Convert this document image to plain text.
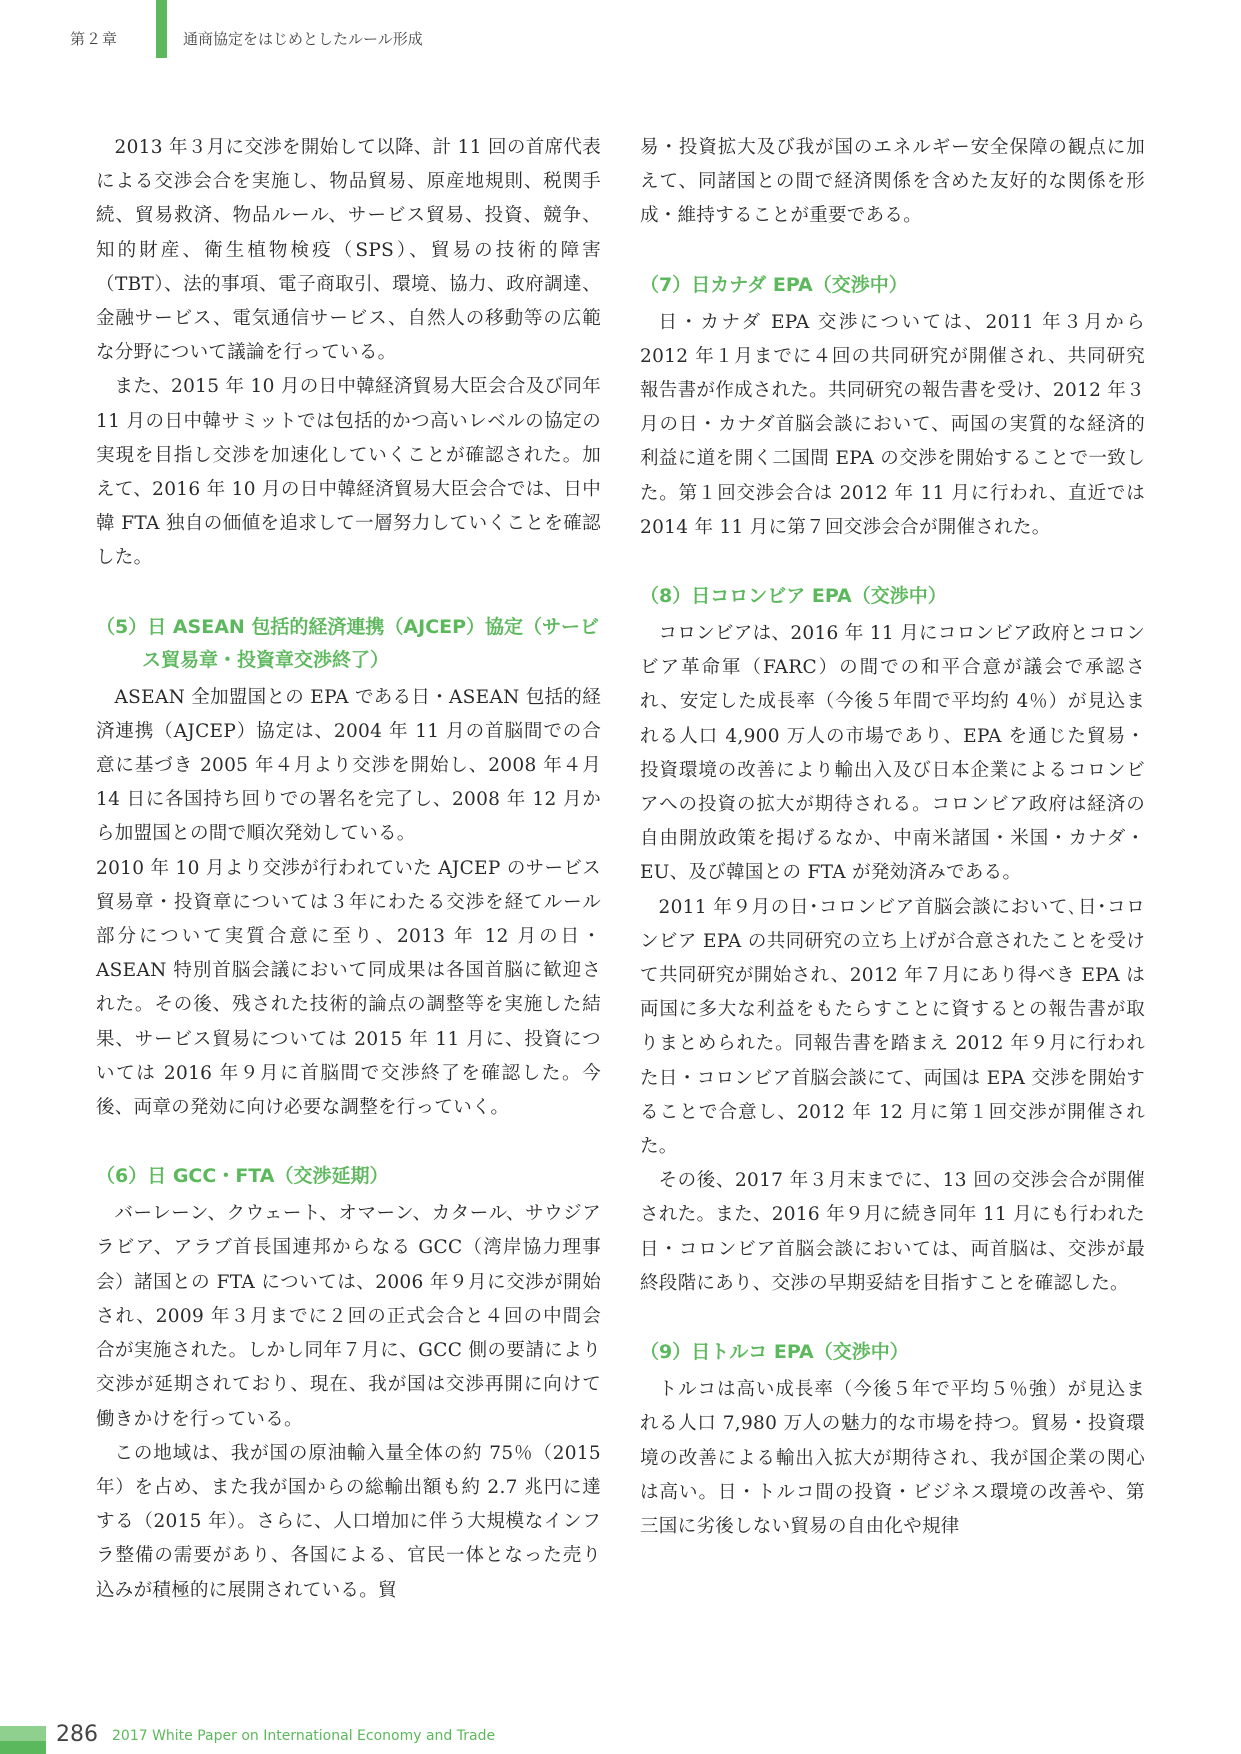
第２章	通商協定をはじめとしたルール形成

2013 年３月に交渉を開始して以降、計 11 回の首席代表による交渉会合を実施し、物品貿易、原産地規則、税関手続、貿易救済、物品ルール、サービス貿易、投資、競争、知的財産、衛生植物検疫（SPS）、貿易の技術的障害（TBT）、法的事項、電子商取引、環境、協力、政府調達、金融サービス、電気通信サービス、自然人の移動等の広範な分野について議論を行っている。

また、2015 年 10 月の日中韓経済貿易大臣会合及び同年 11 月の日中韓サミットでは包括的かつ高いレベルの協定の実現を目指し交渉を加速化していくことが確認された。加えて、2016 年 10 月の日中韓経済貿易大臣会合では、日中韓 FTA 独自の価値を追求して一層努力していくことを確認した。

（5）日 ASEAN 包括的経済連携（AJCEP）協定（サービス貿易章・投資章交渉終了）

ASEAN 全加盟国との EPA である日・ASEAN 包括的経済連携（AJCEP）協定は、2004 年 11 月の首脳間での合意に基づき 2005 年４月より交渉を開始し、2008 年４月 14 日に各国持ち回りでの署名を完了し、2008 年 12 月から加盟国との間で順次発効している。

2010 年 10 月より交渉が行われていた AJCEP のサービス貿易章・投資章については３年にわたる交渉を経てルール部分について実質合意に至り、2013 年 12 月の日・ASEAN 特別首脳会議において同成果は各国首脳に歓迎された。その後、残された技術的論点の調整等を実施した結果、サービス貿易については 2015 年 11 月に、投資については 2016 年９月に首脳間で交渉終了を確認した。今後、両章の発効に向け必要な調整を行っていく。

（6）日 GCC・FTA（交渉延期）

バーレーン、クウェート、オマーン、カタール、サウジアラビア、アラブ首長国連邦からなる GCC（湾岸協力理事会）諸国との FTA については、2006 年９月に交渉が開始され、2009 年３月までに２回の正式会合と４回の中間会合が実施された。しかし同年７月に、GCC 側の要請により交渉が延期されており、現在、我が国は交渉再開に向けて働きかけを行っている。

この地域は、我が国の原油輸入量全体の約 75％（2015 年）を占め、また我が国からの総輸出額も約 2.7 兆円に達する（2015 年）。さらに、人口増加に伴う大規模なインフラ整備の需要があり、各国による、官民一体となった売り込みが積極的に展開されている。貿

易・投資拡大及び我が国のエネルギー安全保障の観点に加えて、同諸国との間で経済関係を含めた友好的な関係を形成・維持することが重要である。

（7）日カナダ EPA（交渉中）

日・カナダ EPA 交渉については、2011 年３月から 2012 年１月までに４回の共同研究が開催され、共同研究報告書が作成された。共同研究の報告書を受け、2012 年３月の日・カナダ首脳会談において、両国の実質的な経済的利益に道を開く二国間 EPA の交渉を開始することで一致した。第１回交渉会合は 2012 年 11 月に行われ、直近では 2014 年 11 月に第７回交渉会合が開催された。

（8）日コロンビア EPA（交渉中）

コロンビアは、2016 年 11 月にコロンビア政府とコロンビア革命軍（FARC）の間での和平合意が議会で承認され、安定した成長率（今後５年間で平均約 4％）が見込まれる人口 4,900 万人の市場であり、EPA を通じた貿易・投資環境の改善により輸出入及び日本企業によるコロンビアへの投資の拡大が期待される。コロンビア政府は経済の自由開放政策を掲げるなか、中南米諸国・米国・カナダ・EU、及び韓国との FTA が発効済みである。

2011 年９月の日･コロンビア首脳会談において､日･コロンビア EPA の共同研究の立ち上げが合意されたことを受けて共同研究が開始され、2012 年７月にあり得べき EPA は両国に多大な利益をもたらすことに資するとの報告書が取りまとめられた。同報告書を踏まえ 2012 年９月に行われた日・コロンビア首脳会談にて、両国は EPA 交渉を開始することで合意し、2012 年 12 月に第１回交渉が開催された。

その後、2017 年３月末までに、13 回の交渉会合が開催された。また、2016 年９月に続き同年 11 月にも行われた日・コロンビア首脳会談においては、両首脳は、交渉が最終段階にあり、交渉の早期妥結を目指すことを確認した。

（9）日トルコ EPA（交渉中）

トルコは高い成長率（今後５年で平均５％強）が見込まれる人口 7,980 万人の魅力的な市場を持つ。貿易・投資環境の改善による輸出入拡大が期待され、我が国企業の関心は高い。日・トルコ間の投資・ビジネス環境の改善や、第三国に劣後しない貿易の自由化や規律

286 2017 White Paper on International Economy and Trade
